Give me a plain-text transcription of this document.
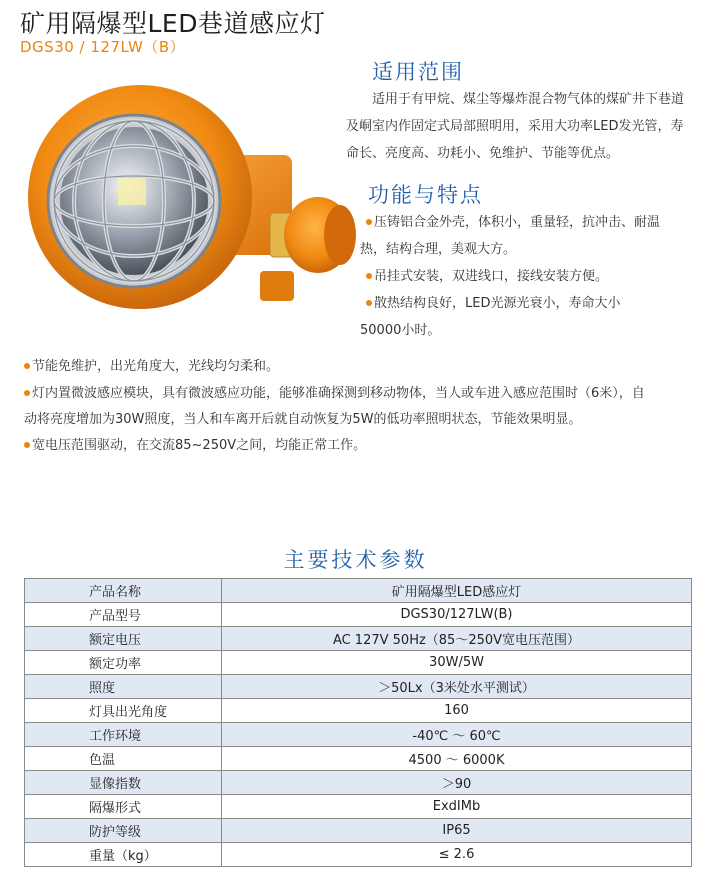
矿用隔爆型LED巷道感应灯
DGS30 / 127LW（B）
适用范围
适用于有甲烷、煤尘等爆炸混合物气体的煤矿井下巷道
及峒室内作固定式局部照明用，采用大功率LED发光管，寿
命长、亮度高、功耗小、免维护、节能等优点。
功能与特点
压铸铝合金外壳，体积小，重量轻，抗冲击、耐温
热，结构合理，美观大方。
吊挂式安装，双进线口，接线安装方便。
散热结构良好，LED光源光衰小，寿命大小
50000小时。
节能免维护，出光角度大，光线均匀柔和。
灯内置微波感应模块，具有微波感应功能，能够准确探测到移动物体，当人或车进入感应范围时（6米），自
动将亮度增加为30W照度，当人和车离开后就自动恢复为5W的低功率照明状态，节能效果明显。
宽电压范围驱动，在交流85~250V之间，均能正常工作。
主要技术参数
产品名称	矿用隔爆型LED感应灯
产品型号	DGS30/127LW(B)
额定电压	AC 127V 50Hz（85～250V宽电压范围）
额定功率	30W/5W
照度	＞50Lx（3米处水平测试）
灯具出光角度	160
工作环境	-40℃ ～ 60℃
色温	4500 ～ 6000K
显像指数	＞90
隔爆形式	ExdIMb
防护等级	IP65
重量（kg）	≤ 2.6
